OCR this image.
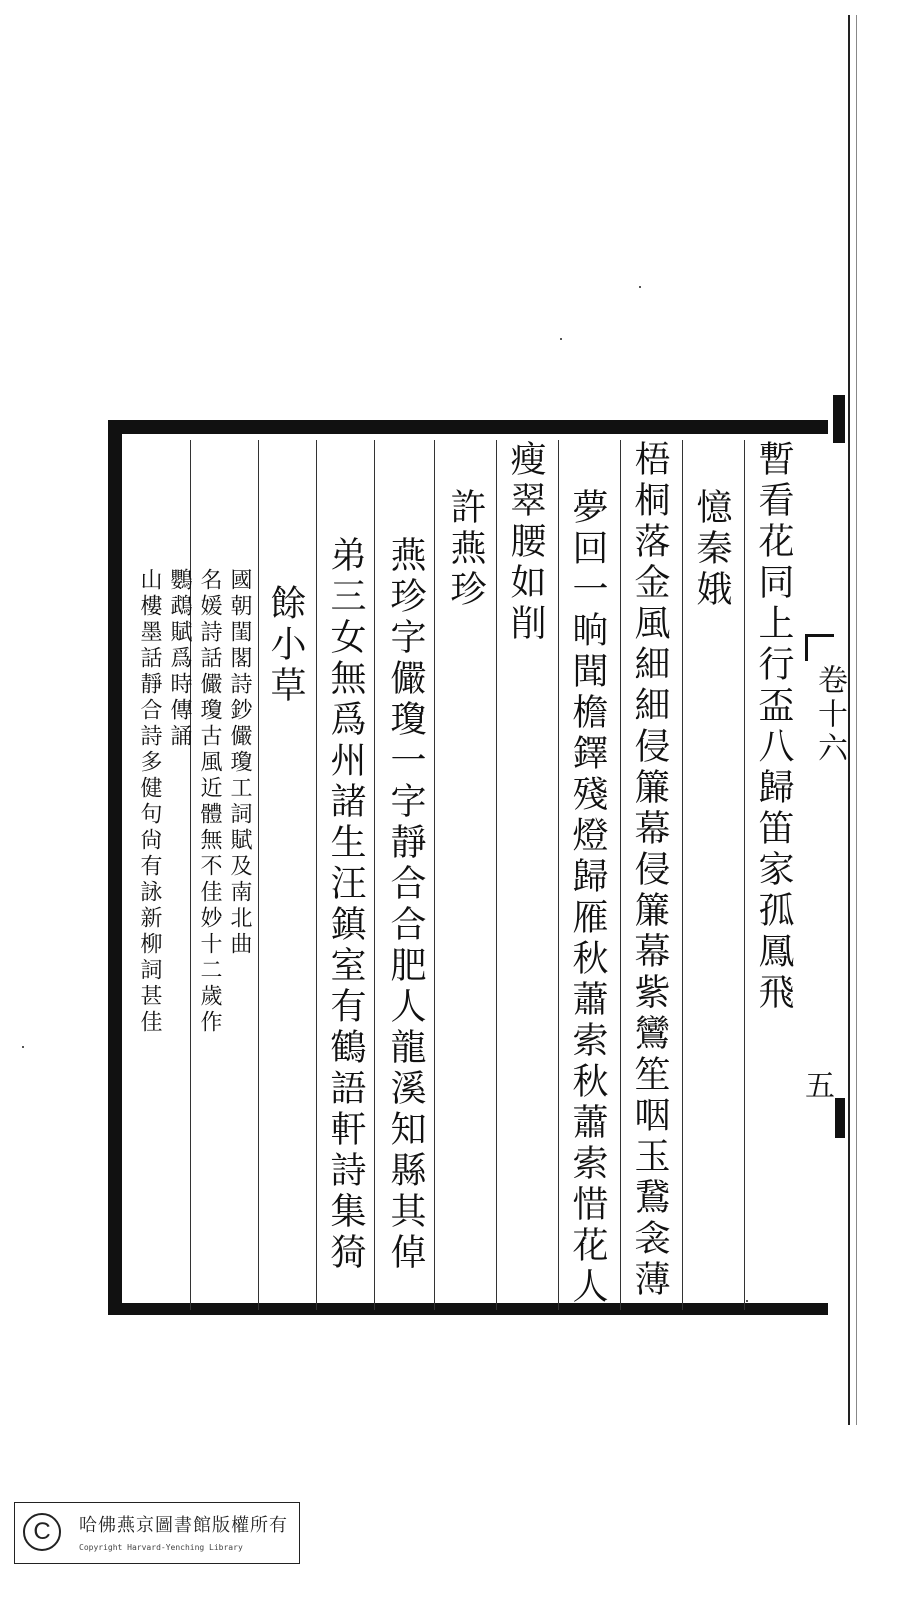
卷十六
五
暫看花同上行盃八歸笛家孤鳳飛
憶秦娥
梧桐落金風細細侵簾幕侵簾幕紫鸞笙咽玉鵞衾薄
夢回一晌聞檐鐸殘燈歸雁秋蕭索秋蕭索惜花人
瘦翠腰如削
許燕珍
燕珍字儼瓊一字靜合合肥人龍溪知縣其倬
弟三女無爲州諸生汪鎮室有鶴語軒詩集猗
餘小草
國朝閨閣詩鈔儼瓊工詞賦及南北曲
名媛詩話儼瓊古風近體無不佳妙十二歲作
鸚鵡賦爲時傳誦
山樓墨話靜合詩多健句尙有詠新柳詞甚佳
C	哈佛燕京圖書館版權所有
Copyright Harvard-Yenching Library
